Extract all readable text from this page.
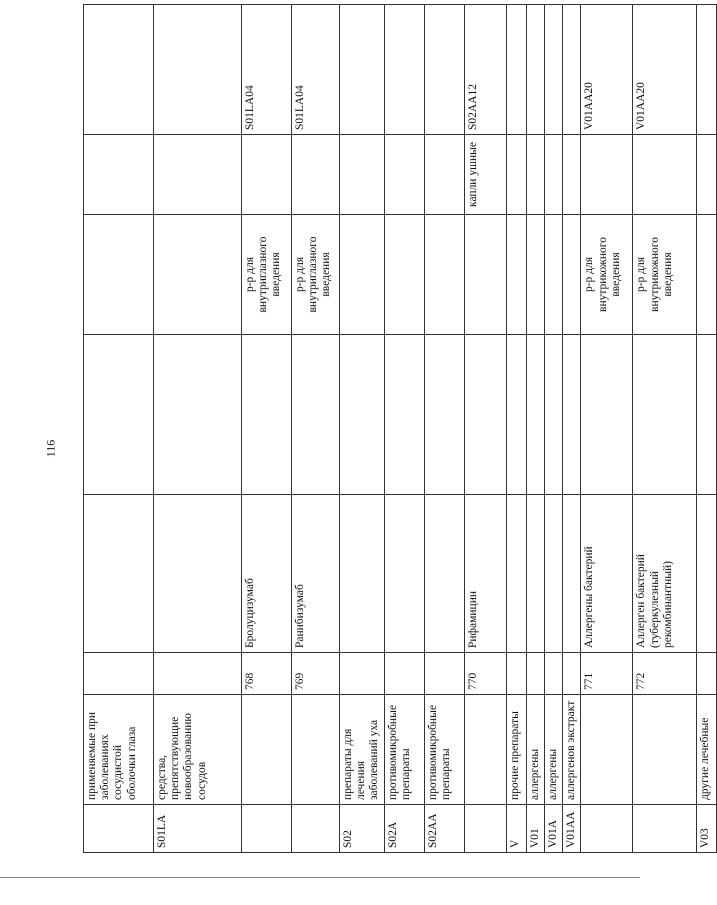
116
	применяемые при заболеваниях сосудистой оболочки глаза						
S01LA	средства, препятствующие новообразованию сосудов						
		768	Бролуцизумаб		р-р для внутриглазного введения		S01LA04
		769	Ранибизумаб		р-р для внутриглазного введения		S01LA04
S02	препараты для лечения заболеваний уха						
S02A	противомикробные препараты						
S02AA	противомикробные препараты						
		770	Рифамицин			капли ушные	S02AA12
V	прочие препараты						
V01	аллергены						
V01A	аллергены						
V01AA	аллергенов экстракт						
		771	Аллергены бактерий		р-р для внутрикожного введения		V01AA20
		772	Аллерген бактерий (туберкулезный рекомбинантный)		р-р для внутрикожного введения		V01AA20
V03	другие лечебные						
